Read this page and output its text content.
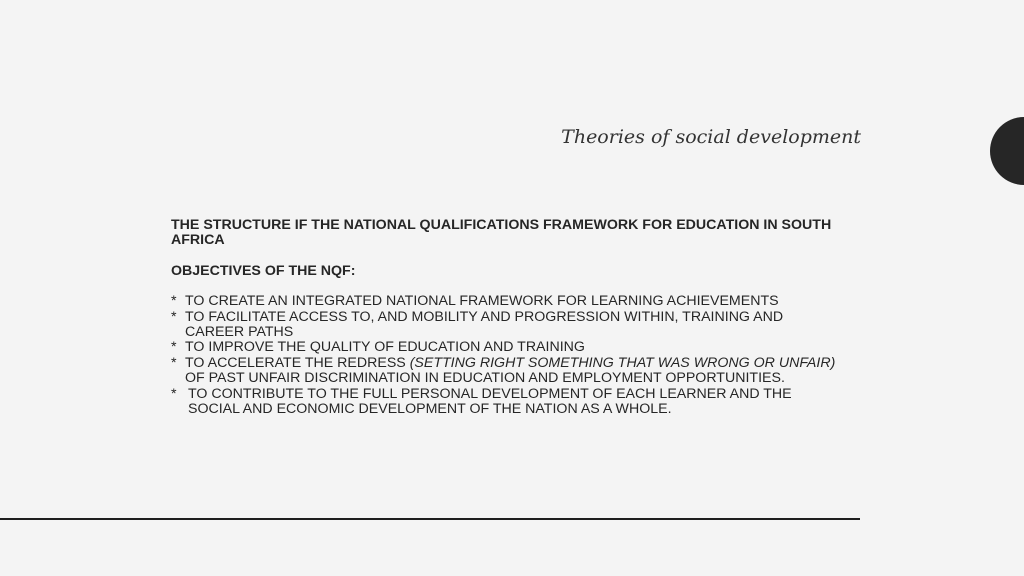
Theories of social development

THE STRUCTURE IF THE NATIONAL QUALIFICATIONS FRAMEWORK FOR EDUCATION IN SOUTH AFRICA

OBJECTIVES OF THE NQF:

* TO CREATE AN INTEGRATED NATIONAL FRAMEWORK FOR LEARNING ACHIEVEMENTS
* TO FACILITATE ACCESS TO, AND MOBILITY AND PROGRESSION WITHIN, TRAINING AND CAREER PATHS
* TO IMPROVE THE QUALITY OF EDUCATION AND TRAINING
* TO ACCELERATE THE REDRESS (SETTING RIGHT SOMETHING THAT WAS WRONG OR UNFAIR) OF PAST UNFAIR DISCRIMINATION IN EDUCATION AND EMPLOYMENT OPPORTUNITIES.
* TO CONTRIBUTE TO THE FULL PERSONAL DEVELOPMENT OF EACH LEARNER AND THE SOCIAL AND ECONOMIC DEVELOPMENT OF THE NATION AS A WHOLE.
